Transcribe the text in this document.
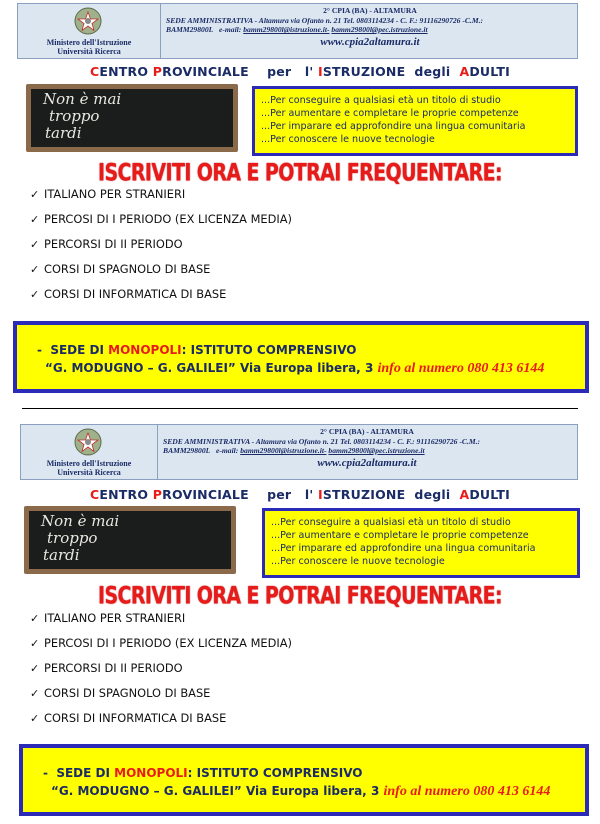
Ministero dell'Istruzione
Università Ricerca
2° CPIA (BA) - ALTAMURA
SEDE AMMINISTRATIVA - Altamura via Ofanto n. 21 Tel. 0803114234 - C. F.: 91116290726 -C.M.:
BAMM29800L e-mail: bamm29800l@istruzione.it- bamm29800l@pec.istruzione.it
www.cpia2altamura.it
CENTRO PROVINCIALE per l' ISTRUZIONE degli ADULTI
Non è mai
troppo
tardi
...Per conseguire a qualsiasi età un titolo di studio
...Per aumentare e completare le proprie competenze
...Per imparare ed approfondire una lingua comunitaria
...Per conoscere le nuove tecnologie
ISCRIVITI ORA E POTRAI FREQUENTARE:
✓ ITALIANO PER STRANIERI
✓ PERCOSI DI I PERIODO (EX LICENZA MEDIA)
✓ PERCORSI DI II PERIODO
✓ CORSI DI SPAGNOLO DI BASE
✓ CORSI DI INFORMATICA DI BASE
- SEDE DI MONOPOLI: ISTITUTO COMPRENSIVO
“G. MODUGNO – G. GALILEI” Via Europa libera, 3 info al numero 080 413 6144
Ministero dell'Istruzione
Università Ricerca
2° CPIA (BA) - ALTAMURA
SEDE AMMINISTRATIVA - Altamura via Ofanto n. 21 Tel. 0803114234 - C. F.: 91116290726 -C.M.:
BAMM29800L e-mail: bamm29800l@istruzione.it- bamm29800l@pec.istruzione.it
www.cpia2altamura.it
CENTRO PROVINCIALE per l' ISTRUZIONE degli ADULTI
Non è mai
troppo
tardi
...Per conseguire a qualsiasi età un titolo di studio
...Per aumentare e completare le proprie competenze
...Per imparare ed approfondire una lingua comunitaria
...Per conoscere le nuove tecnologie
ISCRIVITI ORA E POTRAI FREQUENTARE:
✓ ITALIANO PER STRANIERI
✓ PERCOSI DI I PERIODO (EX LICENZA MEDIA)
✓ PERCORSI DI II PERIODO
✓ CORSI DI SPAGNOLO DI BASE
✓ CORSI DI INFORMATICA DI BASE
- SEDE DI MONOPOLI: ISTITUTO COMPRENSIVO
“G. MODUGNO – G. GALILEI” Via Europa libera, 3 info al numero 080 413 6144
